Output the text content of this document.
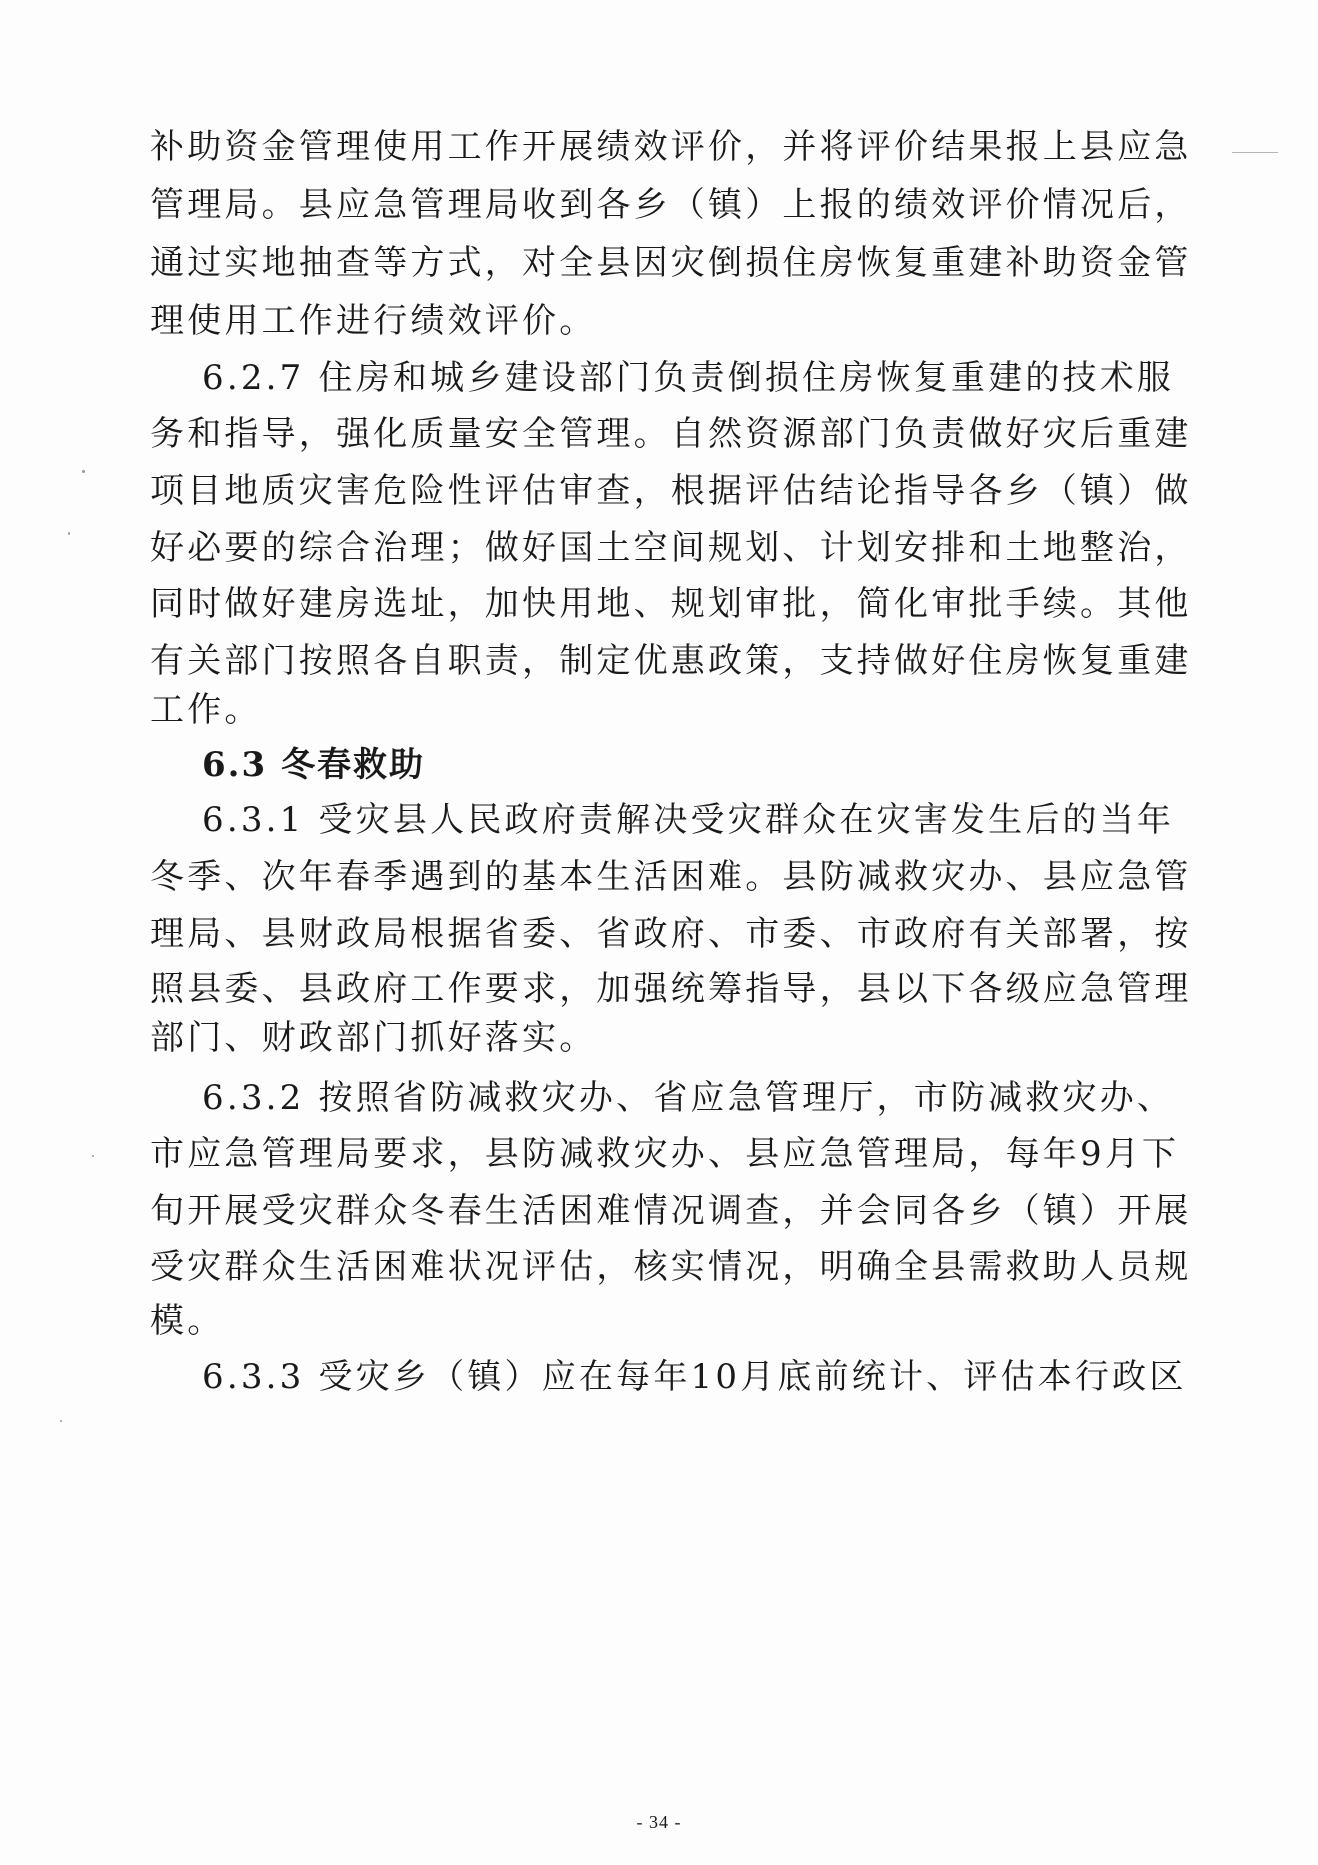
补助资金管理使用工作开展绩效评价，并将评价结果报上县应急
管理局。县应急管理局收到各乡（镇）上报的绩效评价情况后，
通过实地抽查等方式，对全县因灾倒损住房恢复重建补助资金管
理使用工作进行绩效评价。
6.2.7 住房和城乡建设部门负责倒损住房恢复重建的技术服
务和指导，强化质量安全管理。自然资源部门负责做好灾后重建
项目地质灾害危险性评估审查，根据评估结论指导各乡（镇）做
好必要的综合治理；做好国土空间规划、计划安排和土地整治，
同时做好建房选址，加快用地、规划审批，简化审批手续。其他
有关部门按照各自职责，制定优惠政策，支持做好住房恢复重建
工作。
6.3 冬春救助
6.3.1 受灾县人民政府责解决受灾群众在灾害发生后的当年
冬季、次年春季遇到的基本生活困难。县防减救灾办、县应急管
理局、县财政局根据省委、省政府、市委、市政府有关部署，按
照县委、县政府工作要求，加强统筹指导，县以下各级应急管理
部门、财政部门抓好落实。
6.3.2 按照省防减救灾办、省应急管理厅，市防减救灾办、
市应急管理局要求，县防减救灾办、县应急管理局，每年9月下
旬开展受灾群众冬春生活困难情况调查，并会同各乡（镇）开展
受灾群众生活困难状况评估，核实情况，明确全县需救助人员规
模。
6.3.3 受灾乡（镇）应在每年10月底前统计、评估本行政区
- 34 -
